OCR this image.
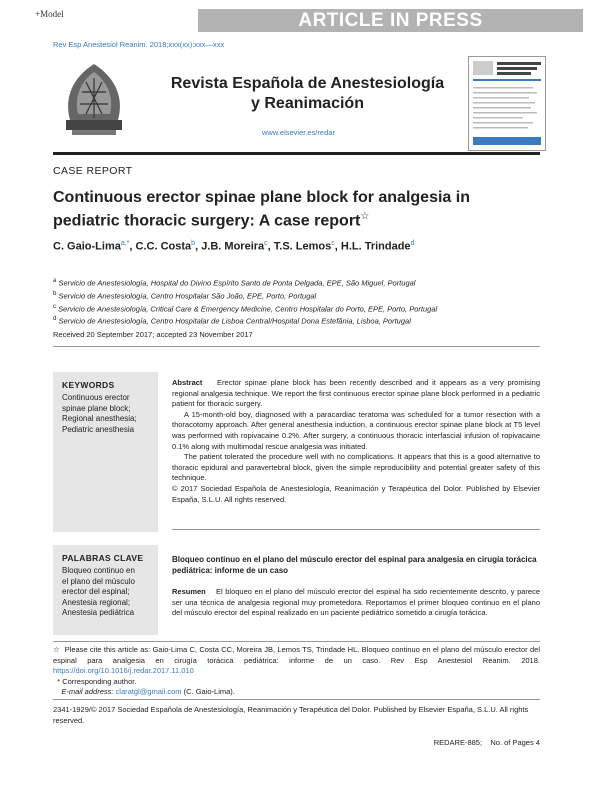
+Model	ARTICLE IN PRESS
Rev Esp Anestesiol Reanim. 2018;xxx(xx):xxx—xxx
Revista Española de Anestesiología
y Reanimación
www.elsevier.es/redar
CASE REPORT
Continuous erector spinae plane block for analgesia in pediatric thoracic surgery: A case report☆
C. Gaio-Lima$^{a,*}$, C.C. Costa$^b$, J.B. Moreira$^c$, T.S. Lemos$^c$, H.L. Trindade$^d$
$^a$ Servicio de Anestesiología, Hospital do Divino Espírito Santo de Ponta Delgada, EPE, São Miguel, Portugal
$^b$ Servicio de Anestesiología, Centro Hospitalar São João, EPE, Porto, Portugal
$^c$ Servicio de Anestesiología, Critical Care & Emergency Medicine, Centro Hospitalar do Porto, EPE, Porto, Portugal
$^d$ Servicio de Anestesiología, Centro Hospitalar de Lisboa Central/Hospital Dona Estefânia, Lisboa, Portugal
Received 20 September 2017; accepted 23 November 2017
KEYWORDS
Continuous erector
spinae plane block;
Regional anesthesia;
Pediatric anesthesia

Abstract Erector spinae plane block has been recently described and it appears as a very promising regional analgesia technique. We report the first continuous erector spinae plane block performed in a pediatric patient for thoracic surgery.

A 15-month-old boy, diagnosed with a paracardiac teratoma was scheduled for a tumor resection with a thoracotomy approach. After general anesthesia induction, a continuous erector spinae plane block at T5 level was performed with ropivacaine 0.2%. After surgery, a continuous thoracic interfascial infusion of ropivacaine 0.1% along with multimodal rescue analgesia was initiated.

The patient tolerated the procedure well with no complications. It appears that this is a good alternative to thoracic epidural and paravertebral block, given the simple reproducibility and potential greater safety of this technique.

© 2017 Sociedad Española de Anestesiología, Reanimación y Terapéutica del Dolor. Published by Elsevier España, S.L.U. All rights reserved.

PALABRAS CLAVE
Bloqueo continuo en
el plano del músculo
erector del espinal;
Anestesia regional;
Anestesia pediátrica
Bloqueo continuo en el plano del músculo erector del espinal para analgesia en cirugía torácica pediátrica: informe de un caso
Resumen El bloqueo en el plano del músculo erector del espinal ha sido recientemente descrito, y parece ser una técnica de analgesia regional muy prometedora. Reportamos el primer bloqueo continuo en el plano del músculo erector del espinal realizado en un paciente pediátrico sometido a cirugía torácica.

☆ Please cite this article as: Gaio-Lima C, Costa CC, Moreira JB, Lemos TS, Trindade HL. Bloqueo continuo en el plano del músculo erector del espinal para analgesia en cirugía torácica pediátrica: informe de un caso. Rev Esp Anestesiol Reanim. 2018. https://doi.org/10.1016/j.redar.2017.11.010

* Corresponding author.

E-mail address: claratgl@gmail.com (C. Gaio-Lima).

2341-1929/© 2017 Sociedad Española de Anestesiología, Reanimación y Terapéutica del Dolor. Published by Elsevier España, S.L.U. All rights reserved.
REDARE-885;    No. of Pages 4
